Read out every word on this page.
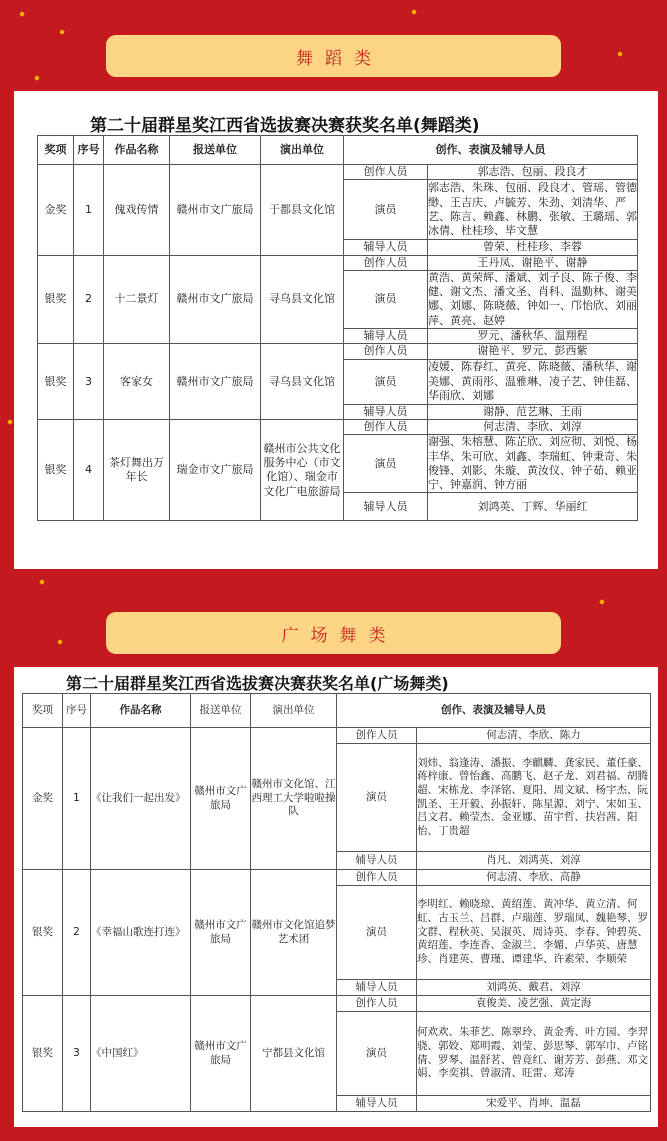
舞蹈类
第二十届群星奖江西省选拔赛决赛获奖名单(舞蹈类)
奖项	序号	作品名称	报送单位	演出单位	创作、表演及辅导人员	
金奖	1	傀戏传情	赣州市文广旅局	于都县文化馆	创作人员	郭志浩、包丽、段良才
					演员	郭志浩、朱珠、包丽、段良才、管瑶、管德缈、王吉庆、卢毓芳、朱劲、刘清华、严艺、陈言、赖鑫、林鹏、张敏、王璐瑶、郭冰倩、杜桂珍、毕文慧
					辅导人员	曾荣、杜桂珍、李蓉
银奖	2	十二景灯	赣州市文广旅局	寻乌县文化馆	创作人员	王丹凤、谢艳平、谢静
					演员	黄浩、黄荣辉、潘斌、刘子良、陈子俊、李健、谢文杰、潘文圣、肖科、温勤林、谢美娜、刘娜、陈晓薇、钟如一、邝怡欣、刘丽萍、黄亮、赵婷
					辅导人员	罗元、潘秋华、温翔程
银奖	3	客家女	赣州市文广旅局	寻乌县文化馆	创作人员	谢艳平、罗元、彭西紫
					演员	凌媛、陈春红、黄亮、陈晓薇、潘秋华、谢美娜、黄雨彤、温雅琳、凌子艺、钟佳磊、华雨欣、刘娜
					辅导人员	谢静、范艺琳、王雨
银奖	4	茶灯舞出万年长	瑞金市文广旅局	赣州市公共文化服务中心（市文化馆）、瑞金市文化广电旅游局	创作人员	何志清、李欣、刘淳
					演员	谢强、朱榕慧、陈芷欣、刘应彻、刘悦、杨丰华、朱可欣、刘鑫、李瑞虹、钟秉奇、朱俊锋、刘影、朱璇、黄汝仪、钟子茹、赖亚宁、钟嘉润、钟方丽
					辅导人员	刘鸿英、丁辉、华丽红
广场舞类
第二十届群星奖江西省选拔赛决赛获奖名单(广场舞类)
奖项	序号	作品名称	报送单位	演出单位	创作、表演及辅导人员	
金奖	1	《让我们一起出发》	赣州市文广旅局	赣州市文化馆、江西理工大学啦啦操队	创作人员	何志清、李欣、陈力
					演员	刘炜、翁逢涛、潘振、李麒麟、龚家民、董任豪、蒋梓康、曾怡鑫、高鹏飞、赵子龙、刘君福、胡腾超、宋栋龙、李泽铭、夏阳、周文斌、杨宇杰、阮凯圣、王开毅、孙振轩、陈星源、刘宁、宋如玉、吕文君、赖莹杰、金亚娜、苗宇哲、扶岩茜、阳怡、丁贵超
					辅导人员	肖凡、刘鸿英、刘淳
银奖	2	《幸福山歌连打连》	赣州市文广旅局	赣州市文化馆追梦艺术团	创作人员	何志清、李欣、高静
					演员	李明红、赖晓琼、黄绍莲、黄冲华、黄立清、何虹、古玉兰、吕群、卢瑞莲、罗瑞凤、魏艳琴、罗文群、程秋英、吴淑英、周诗英、李春、钟碧英、黄绍莲、李连香、金淑兰、李媚、卢华英、唐慧珍、肖建英、曹瑾、谭建华、许素荣、李顺荣
					辅导人员	刘鸿英、戴君、刘淳
银奖	3	《中国红》	赣州市文广旅局	宁都县文化馆	创作人员	袁俊美、凌艺强、黄定海
					演员	何欢欢、朱菲艺、陈翠玲、黄金秀、叶方园、李羿骁、郭姣、郑明霞、刘莹、彭思琴、郭军巾、卢铭倩、罗琴、温舒茗、曾竟红、谢芳芳、彭燕、邓文娟、李奕祺、曾淑清、旺雷、郑涛
					辅导人员	宋爱平、肖坤、温磊
